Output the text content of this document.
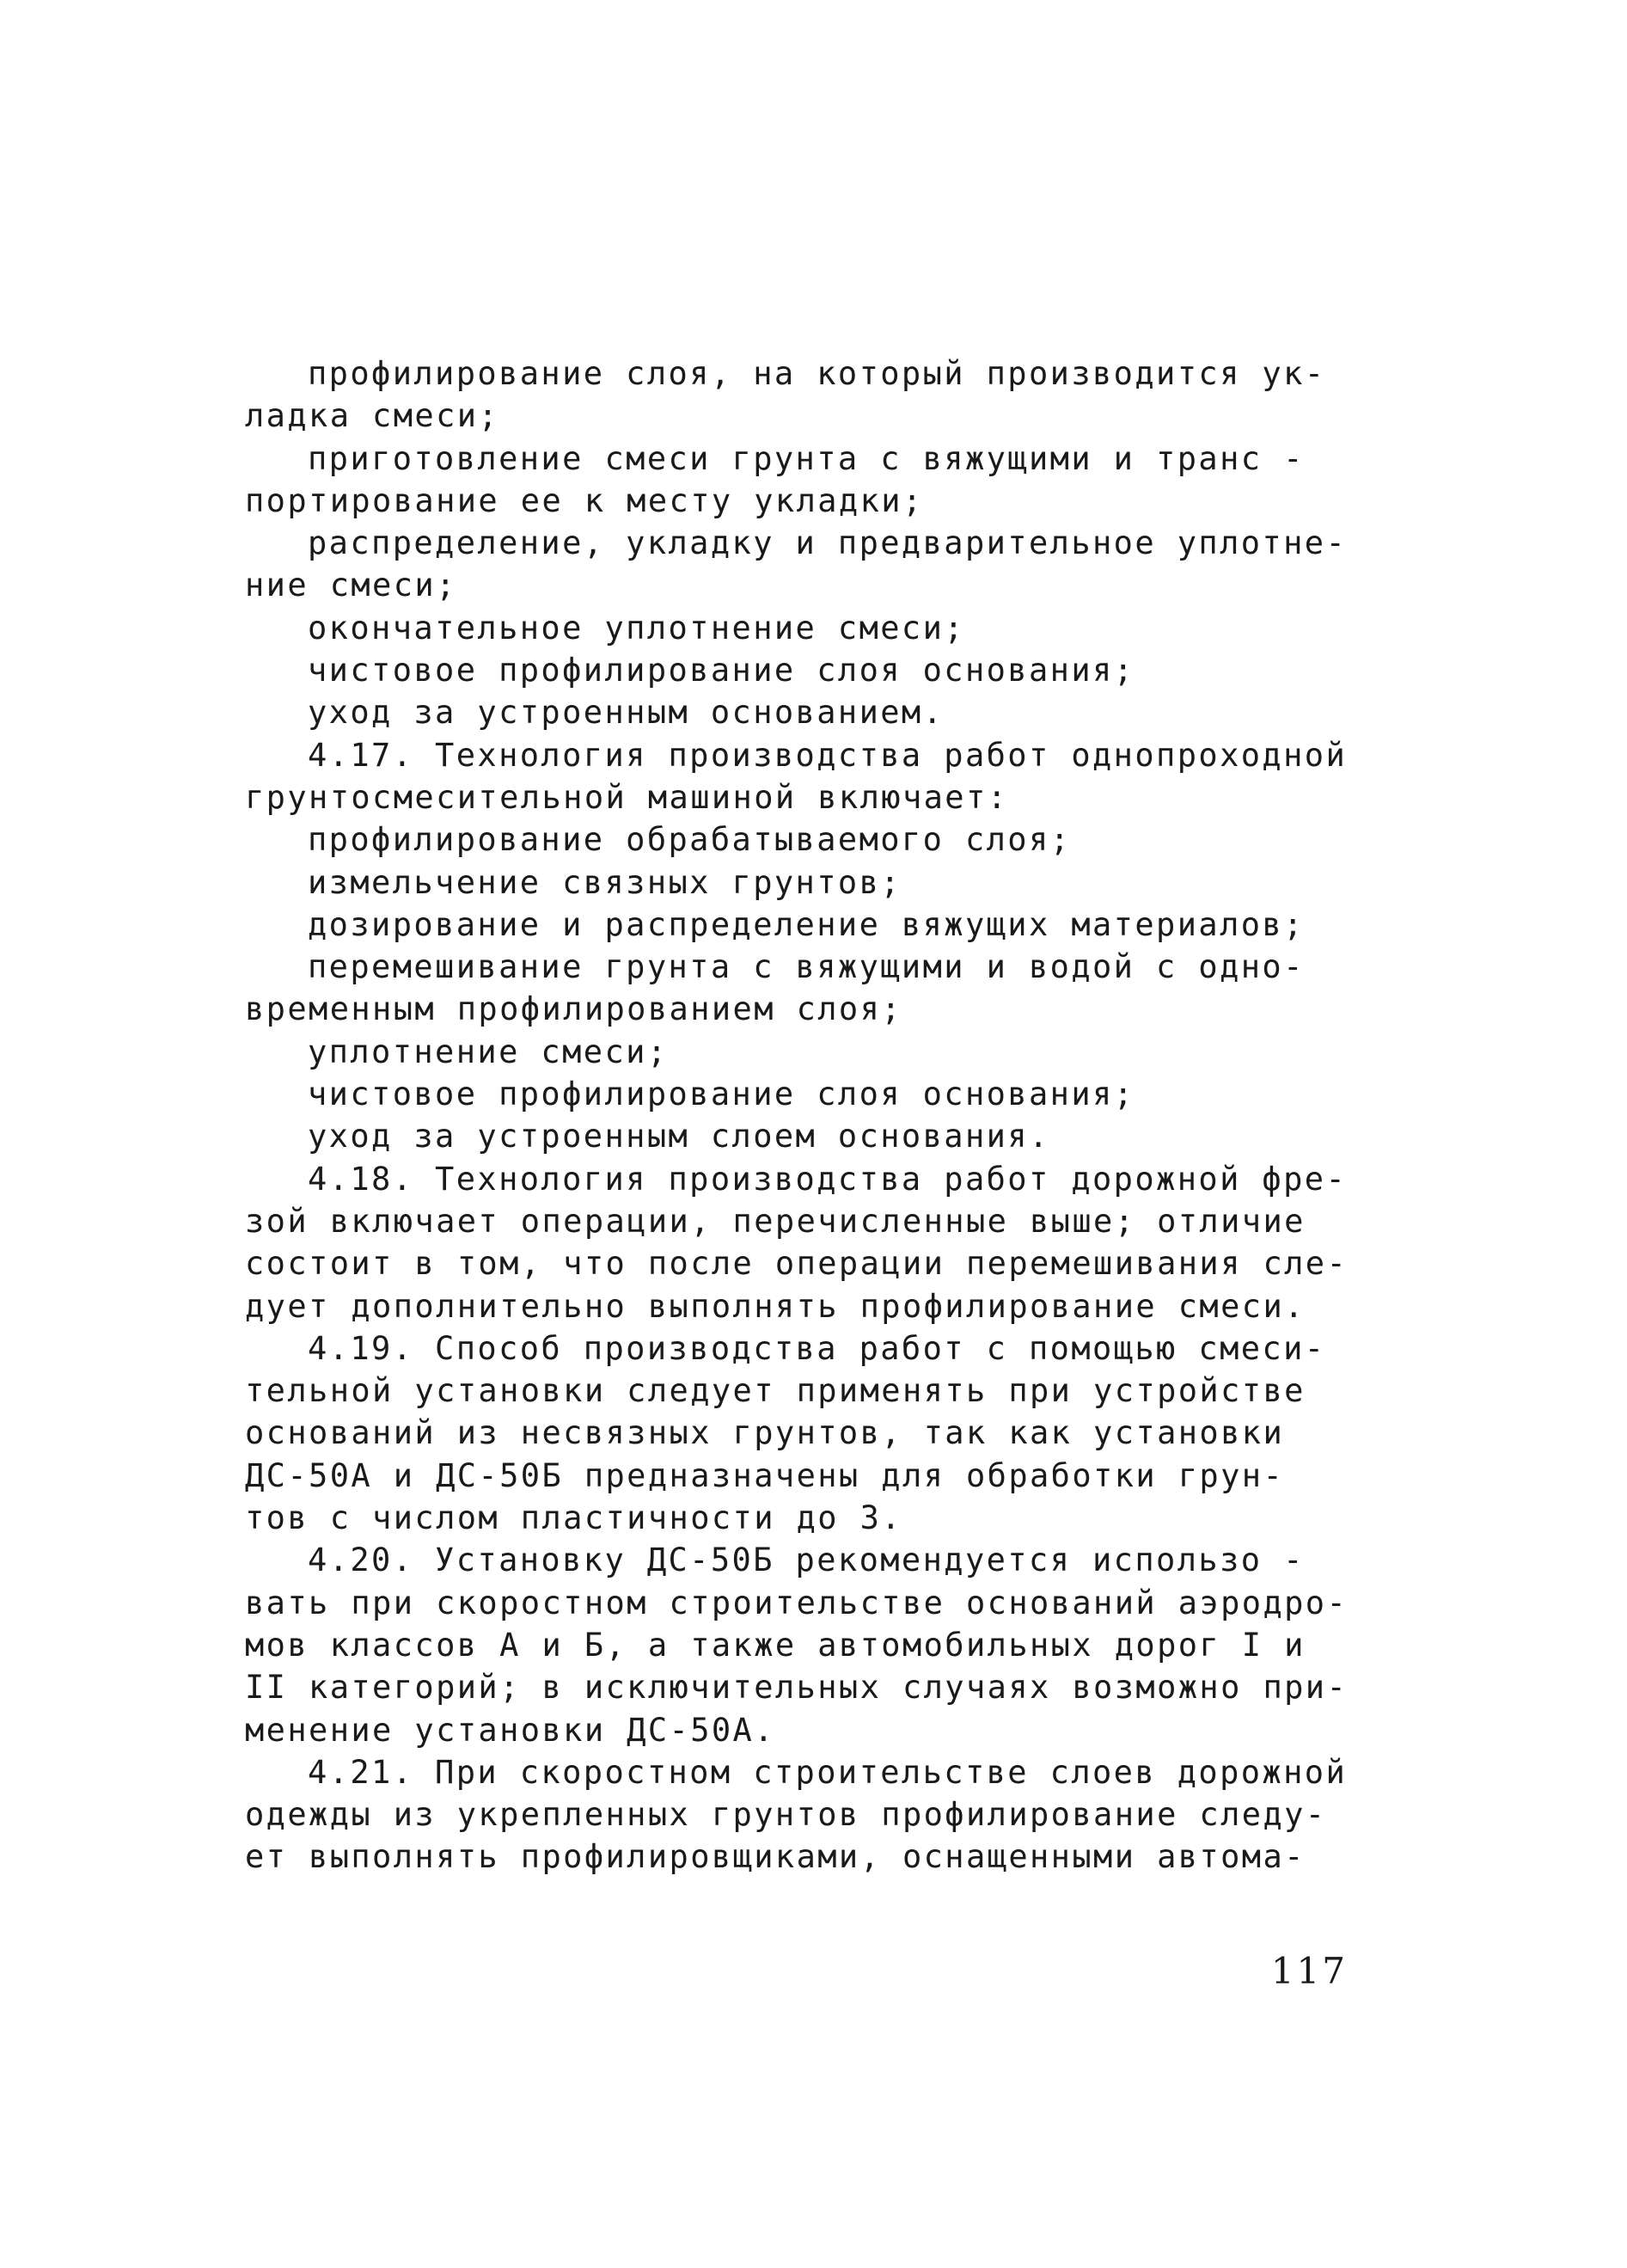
профилирование слоя, на который производится ук-
ладка смеси;
приготовление смеси грунта с вяжущими и транс -
портирование ее к месту укладки;
распределение, укладку и предварительное уплотне-
ние смеси;
окончательное уплотнение смеси;
чистовое профилирование слоя основания;
уход за устроенным основанием.
4.17. Технология производства работ однопроходной
грунтосмесительной машиной включает:
профилирование обрабатываемого слоя;
измельчение связных грунтов;
дозирование и распределение вяжущих материалов;
перемешивание грунта с вяжущими и водой с одно-
временным профилированием слоя;
уплотнение смеси;
чистовое профилирование слоя основания;
уход за устроенным слоем основания.
4.18. Технология производства работ дорожной фре-
зой включает операции, перечисленные выше; отличие
состоит в том, что после операции перемешивания сле-
дует дополнительно выполнять профилирование смеси.
4.19. Способ производства работ с помощью смеси-
тельной установки следует применять при устройстве
оснований из несвязных грунтов, так как установки
ДС-50А и ДС-50Б предназначены для обработки грун-
тов с числом пластичности до 3.
4.20. Установку ДС-50Б рекомендуется использо -
вать при скоростном строительстве оснований аэродро-
мов классов А и Б, а также автомобильных дорог I и
II категорий; в исключительных случаях возможно при-
менение установки ДС-50А.
4.21. При скоростном строительстве слоев дорожной
одежды из укрепленных грунтов профилирование следу-
ет выполнять профилировщиками, оснащенными автома-
117
